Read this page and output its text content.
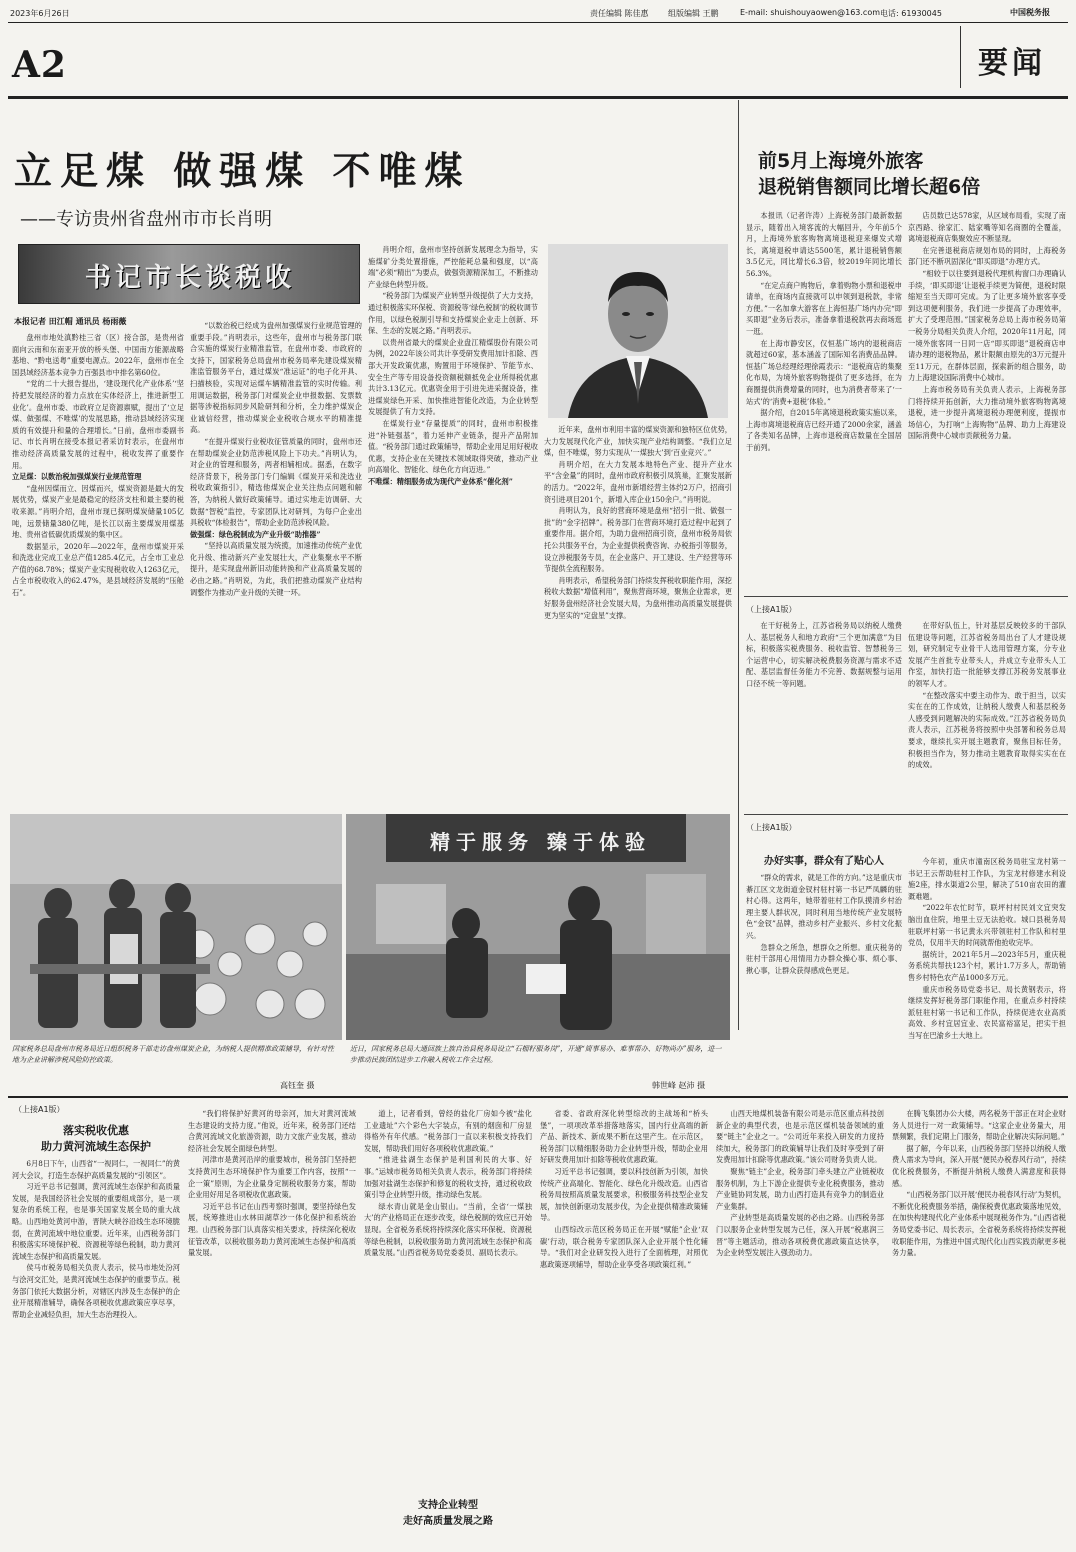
2023年6月26日	责任编辑 陈佳惠 组版编辑 王鹏	E-mail: shuishouyaowen@163.com 电话: 61930045	中国税务报
A2	要闻
立足煤 做强煤 不唯煤
——专访贵州省盘州市市长肖明
书记市长谈税收
本报记者 田江帽 通讯员 杨雨薇

盘州市地处滇黔桂三省（区）接合部，是贵州省面向云南和东南亚开放的桥头堡、中国南方能源战略基地、“黔电送粤”重要电源点。2022年，盘州市在全国县域经济基本竞争力百强县市中排名第60位。

“党的二十大报告提出，‘建设现代化产业体系’‘坚持把发展经济的着力点放在实体经济上，推进新型工业化’。盘州市委、市政府立足资源禀赋，提出了‘立足煤、做强煤、不唯煤’的发展思路，推动县域经济实现质的有效提升和量的合理增长。”日前，盘州市委副书记、市长肖明在接受本报记者采访时表示，在盘州市推动经济高质量发展的过程中，税收发挥了重要作用。

立足煤：以数治税加强煤炭行业规范管理

“盘州因煤而立、因煤而兴，煤炭资源是最大的发展优势，煤炭产业是最稳定的经济支柱和最主要的税收来源。”肖明介绍，盘州市现已探明煤炭储量105亿吨，远景储量380亿吨，是长江以南主要煤炭用煤基地、贵州省低碳优质煤炭的集中区。

数据显示，2020年—2022年，盘州市煤炭开采和洗选业完成工业总产值1285.4亿元，占全市工业总产值的68.78%；煤炭产业实现税收收入1263亿元，占全市税收收入的62.47%，是县域经济发展的“压舱石”。

“以数治税已经成为盘州加强煤炭行业规范管理的重要手段。”肖明表示，这些年，盘州市与税务部门联合实施的煤炭行业精准监管，在盘州市委、市政府的支持下，国家税务总局盘州市税务局率先建设煤炭精准监管服务平台，通过煤炭“准运证”的电子化开具、扫描核验，实现对运煤车辆精准监管的实时传输。利用调运数据，税务部门对煤炭企业申报数据、发票数据等涉税指标同步风险研判和分析，全力维护煤炭企业诚信经营，推动煤炭企业税收合规水平的精准提高。

“在提升煤炭行业税收征管质量的同时，盘州市还在帮助煤炭企业防范涉税风险上下功夫。”肖明认为，对企业的管理和服务，两者相辅相成。据悉，在数字经济背景下，税务部门专门编辑《煤炭开采和洗选业税收政策指引》，精选他煤炭企业关注热点问题和解答，为纳税人做好政策辅导。通过实地走访调研、大数据“智税”监控，专家团队比对研判，为每户企业出具税收“体检报告”，帮助企业防范涉税风险。

做强煤：绿色税制成为产业升级“助推器”

“坚持以高质量发展为统揽，加速推动传统产业优化升级、推动新兴产业发展壮大，产业集聚水平不断提升，是实现盘州新旧动能转换和产业高质量发展的必由之路。”肖明说，为此，我们把推动煤炭产业结构调整作为推动产业升级的关键一环。

肖明介绍，盘州市坚持创新发展理念为指导，实施煤矿分类处置措施，严控能耗总量和强度，以“高端”必须“精出”为要点，做强资源精深加工，不断推动产业绿色转型升级。

“税务部门为煤炭产业转型升级提供了大力支持，通过积极落实环保税、资源税等‘绿色税制’的税收调节作用，以绿色税制引导和支持煤炭企业走上创新、环保、生态的发展之路。”肖明表示。

以贵州省最大的煤炭企业盘江精煤股份有限公司为例，2022年该公司共计享受研发费用加计扣除、西部大开发政策优惠，购置用于环境保护、节能节水、安全生产等专用设备投资额税额抵免企业所得税优惠共计3.13亿元。优惠资金用于引进先进采掘设备，推进煤炭绿色开采、加快推进智能化改造，为企业转型发展提供了有力支持。

在煤炭行业“存量提质”的同时，盘州市积极推进“补链强基”，着力延伸产业链条，提升产品附加值。“税务部门通过政策辅导，帮助企业用足用好税收优惠，支持企业在关键技术领域取得突破，推动产业向高端化、智能化、绿色化方向迈进。”

不唯煤：精细服务成为现代产业体系“催化剂”

近年来，盘州市利用丰富的煤炭资源和独特区位优势，大力发展现代化产业，加快实现产业结构调整。“我们立足煤，但不唯煤，努力实现从‘一煤独大’到‘百业竞兴’。”

肖明介绍，在大力发展本地特色产业、提升产业水平“含金量”的同时，盘州市政府积极引凤筑巢，汇聚发展新的活力。“2022年，盘州市新增经营主体约2万户，招商引资引进项目201个，新增入库企业150余户。”肖明说。

肖明认为，良好的营商环境是盘州“招引一批、做强一批”的“金字招牌”。税务部门在营商环境打造过程中起到了重要作用。据介绍，为助力盘州招商引资，盘州市税务局依托公共服务平台，为企业提供税费咨询、办税指引等服务，设立涉税服务专员，在企业落户、开工建设、生产经营等环节提供全流程服务。

肖明表示，希望税务部门持续发挥税收职能作用，深挖税收大数据“增值利用”，聚焦营商环境，聚焦企业需求，更好服务盘州经济社会发展大局，为盘州推动高质量发展提供更为坚实的“定盘星”支撑。

精于服务 臻于体验
国家税务总局盘州市税务局近日组织税务干部走访盘州煤炭企业，为纳税人提供精准政策辅导，有针对性地为企业讲解涉税风险防控政策。
高钰奎 摄
近日，国家税务总局大通回族土族自治县税务局设立“石榴籽服务岗”，开通“简事易办、难事帮办、好物尚办”服务，进一步推动民族团结进步工作融入税收工作全过程。
韩世峰 赵沛 摄
前5月上海境外旅客
退税销售额同比增长超6倍

本报讯（记者许涛）上海税务部门最新数据显示，随着出入境客流的大幅回升，今年前5个月，上海境外旅客购物离境退税迎来爆发式增长，离境退税申请达5500笔，累计退税销售额3.5亿元，同比增长6.3倍，较2019年同比增长56.3%。

“在定点商户购物后，拿着购物小票和退税申请单，在商场内直接就可以申领到退税款，非常方便。”一名加拿大游客在上海恒基广场内办完“即买即退”业务后表示，准备拿着退税款再去商场逛一逛。

在上海市静安区，仅恒基广场内的退税商店就超过60家，基本涵盖了国际知名消费品品牌。恒基广场总经理经理徐霞表示：“退税商店的集聚化布局，为境外旅客购物提供了更多选择，在为商圈提供消费增量的同时，也为消费者带来了‘一站式’的‘消费+退税’体验。”

据介绍，自2015年离境退税政策实施以来，上海市离境退税商店已经开通了2000余家，涵盖了各类知名品牌，上海市退税商店数量在全国居于前列。

店员数已达578家，从区域布局看，实现了南京西路、徐家汇、陆家嘴等知名商圈的全覆盖，离境退税商店集聚效应不断显现。

在完善退税商店规划布局的同时，上海税务部门还不断巩固深化“即买即退”办理方式。

“相较于以往要到退税代理机构窗口办理确认手续，‘即买即退’让退税手续更为简便，退税时限缩短至当天即可完成。为了让更多境外旅客享受到这项便利服务，我们进一步提高了办理效率，扩大了受理范围。”国家税务总局上海市税务局第一税务分局相关负责人介绍，2020年11月起，同一境外旅客同一日同一店“即买即退”退税商店申请办理的退税物品，累计限额由原先的3万元提升至11万元，在群体层面，探索新的组合服务，助力上海建设国际消费中心城市。

上海市税务局有关负责人表示，上海税务部门将持续开拓创新，大力推动境外旅客购物离境退税，进一步提升离境退税办理便利度，提振市场信心，为打响“上海购物”品牌、助力上海建设国际消费中心城市贡献税务力量。

（上接A1版）

在干好税务上，江苏省税务局以纳税人缴费人、基层税务人和地方政府“三个更加满意”为目标，积极落实税费服务、税收监管、智慧税务三个运营中心，切实解决税费服务资源与需求不适配、基层监督任务能力不完善、数据规整与运用口径不统一等问题。

在带好队伍上，针对基层反映较多的干部队伍建设等问题，江苏省税务局出台了人才建设规划，研究制定专业骨干人选用管理方案，分专业发展产生首批专业带头人，并成立专业带头人工作室，加快打造一批能够支撑江苏税务发展事业的领军人才。

“在整改落实中要主动作为、敢于担当，以实实在在的工作成效，让纳税人缴费人和基层税务人感受到问题解决的实际成效。”江苏省税务局负责人表示，江苏税务将按照中央部署和税务总局要求，继续扎实开展主题教育，聚焦目标任务，积极担当作为，努力推动主题教育取得实实在在的成效。

（上接A1版）
办好实事，群众有了贴心人

“群众的需求，就是工作的方向。”这是重庆市綦江区文龙街道金钗村驻村第一书记严凤麟的驻村心得。这两年，她带着驻村工作队摸清乡村治理主要人群状况，同时利用当地传统产业发展特色“金钗”品牌，推动乡村产业振兴、乡村文化振兴。

急群众之所急，想群众之所想。重庆税务的驻村干部用心用情用力办群众操心事、烦心事、揪心事，让群众获得感成色更足。

今年初，重庆市潼南区税务局驻宝龙村第一书记王云帮助驻村工作队，为宝龙村修建水利设施2座，排水渠道2公里，解决了510亩农田的灌溉难题。

“2022年农忙时节，联坪村村民刘文宜突发脑出血住院，地里土豆无法抢收。城口县税务局驻联坪村第一书记黄永兴带领驻村工作队和村里党员，仅用半天的时间就帮他抢收完毕。

据统计，2021年5月—2023年5月，重庆税务系统共帮扶123个村，累计1.7万多人，帮助销售乡村特色农产品1000多万元。

重庆市税务局党委书记、局长黄钢表示，将继续发挥好税务部门职能作用，在重点乡村持续派驻驻村第一书记和工作队，持续促进农业高质高效、乡村宜居宜业、农民富裕富足，把实干担当写在巴渝乡土大地上。

（上接A1版）
落实税收优惠
助力黄河流域生态保护

6月8日下午，山西省“一视同仁，一视同仁”的黄河大会议，打造生态保护高质量发展的“引领区”。

习近平总书记强调，黄河流域生态保护和高质量发展，是我国经济社会发展的重要组成部分，是一项复杂的系统工程，也是事关国家发展全局的重大战略。山西地处黄河中游，晋陕大峡谷沿线生态环境脆弱，在黄河流域中地位重要。近年来，山西税务部门积极落实环境保护税、资源税等绿色税制，助力黄河流域生态保护和高质量发展。

侯马市税务局相关负责人表示，侯马市地处汾河与浍河交汇处，是黄河流域生态保护的重要节点。税务部门依托大数据分析，对辖区内涉及生态保护的企业开展精准辅导，确保各项税收优惠政策应享尽享，帮助企业减轻负担，加大生态治理投入。

“我们将保护好黄河的母亲河，加大对黄河流域生态建设的支持力度。”他说，近年来，税务部门还结合黄河流域文化旅游资源，助力文旅产业发展，推动经济社会发展全面绿色转型。

河津市是黄河沿岸的重要城市，税务部门坚持把支持黄河生态环境保护作为重要工作内容，按照“一企一策”原则，为企业量身定制税收服务方案，帮助企业用好用足各项税收优惠政策。

习近平总书记在山西考察时强调，要坚持绿色发展，统筹推进山水林田湖草沙一体化保护和系统治理。山西税务部门认真落实相关要求，持续深化税收征管改革，以税收服务助力黄河流域生态保护和高质量发展。

道上，记者看到，曾经的盐化厂房如今被“盐化工业遗址”六个彩色大字装点，有别的烟囱和厂房显得格外有年代感。“税务部门一直以来积极支持我们发展，帮助我们用好各项税收优惠政策。”

“推进盐湖生态保护是利国利民的大事、好事。”运城市税务局相关负责人表示，税务部门将持续加强对盐湖生态保护和修复的税收支持，通过税收政策引导企业转型升级，推动绿色发展。

绿水青山就是金山银山。“当前，全省‘一煤独大’的产业格局正在逐步改变，绿色税制的效应已开始显现。全省税务系统将持续深化落实环保税、资源税等绿色税制，以税收服务助力黄河流域生态保护和高质量发展。”山西省税务局党委委员、副局长表示。

支持企业转型
走好高质量发展之路

省委、省政府深化转型综改的主战场和“桥头堡”，一项项改革举措落地落实，国内行业高端的新产品、新技术、新成果不断在这里产生。在示范区，税务部门以精细服务助力企业转型升级，帮助企业用好研发费用加计扣除等税收优惠政策。

习近平总书记强调，要以科技创新为引领，加快传统产业高端化、智能化、绿色化升级改造。山西省税务局按照高质量发展要求，积极服务科技型企业发展，加快创新驱动发展步伐，为企业提供精准政策辅导。

山西综改示范区税务局正在开展“赋能”企业‘双碳’行动，联合税务专家团队深入企业开展个性化辅导。“我们对企业研发投入进行了全面梳理，对照优惠政策逐项辅导，帮助企业享受各项政策红利。”

山西天地煤机装备有限公司是示范区重点科技创新企业的典型代表，也是示范区煤机装备领域的重要“链主”企业之一。“公司近年来投入研发的力度持续加大，税务部门的政策辅导让我们及时享受到了研发费用加计扣除等优惠政策。”该公司财务负责人说。

聚焦“链主”企业，税务部门牵头建立产业链税收服务机制，为上下游企业提供专业化税费服务，推动产业链协同发展，助力山西打造具有竞争力的制造业产业集群。

产业转型是高质量发展的必由之路。山西税务部门以服务企业转型发展为己任，深入开展“税惠润三晋”等主题活动，推动各项税费优惠政策直达快享，为企业转型发展注入强劲动力。

在腾飞集团办公大楼，两名税务干部正在对企业财务人员进行一对一政策辅导。“这家企业业务量大，用票频繁，我们定期上门服务，帮助企业解决实际问题。”

据了解，今年以来，山西税务部门坚持以纳税人缴费人需求为导向，深入开展“便民办税春风行动”，持续优化税费服务，不断提升纳税人缴费人满意度和获得感。

“山西税务部门以开展‘便民办税春风行动’为契机，不断优化税费服务举措，确保税费优惠政策落地见效，在加快构建现代化产业体系中展现税务作为。”山西省税务局党委书记、局长表示，全省税务系统将持续发挥税收职能作用，为推进中国式现代化山西实践贡献更多税务力量。
